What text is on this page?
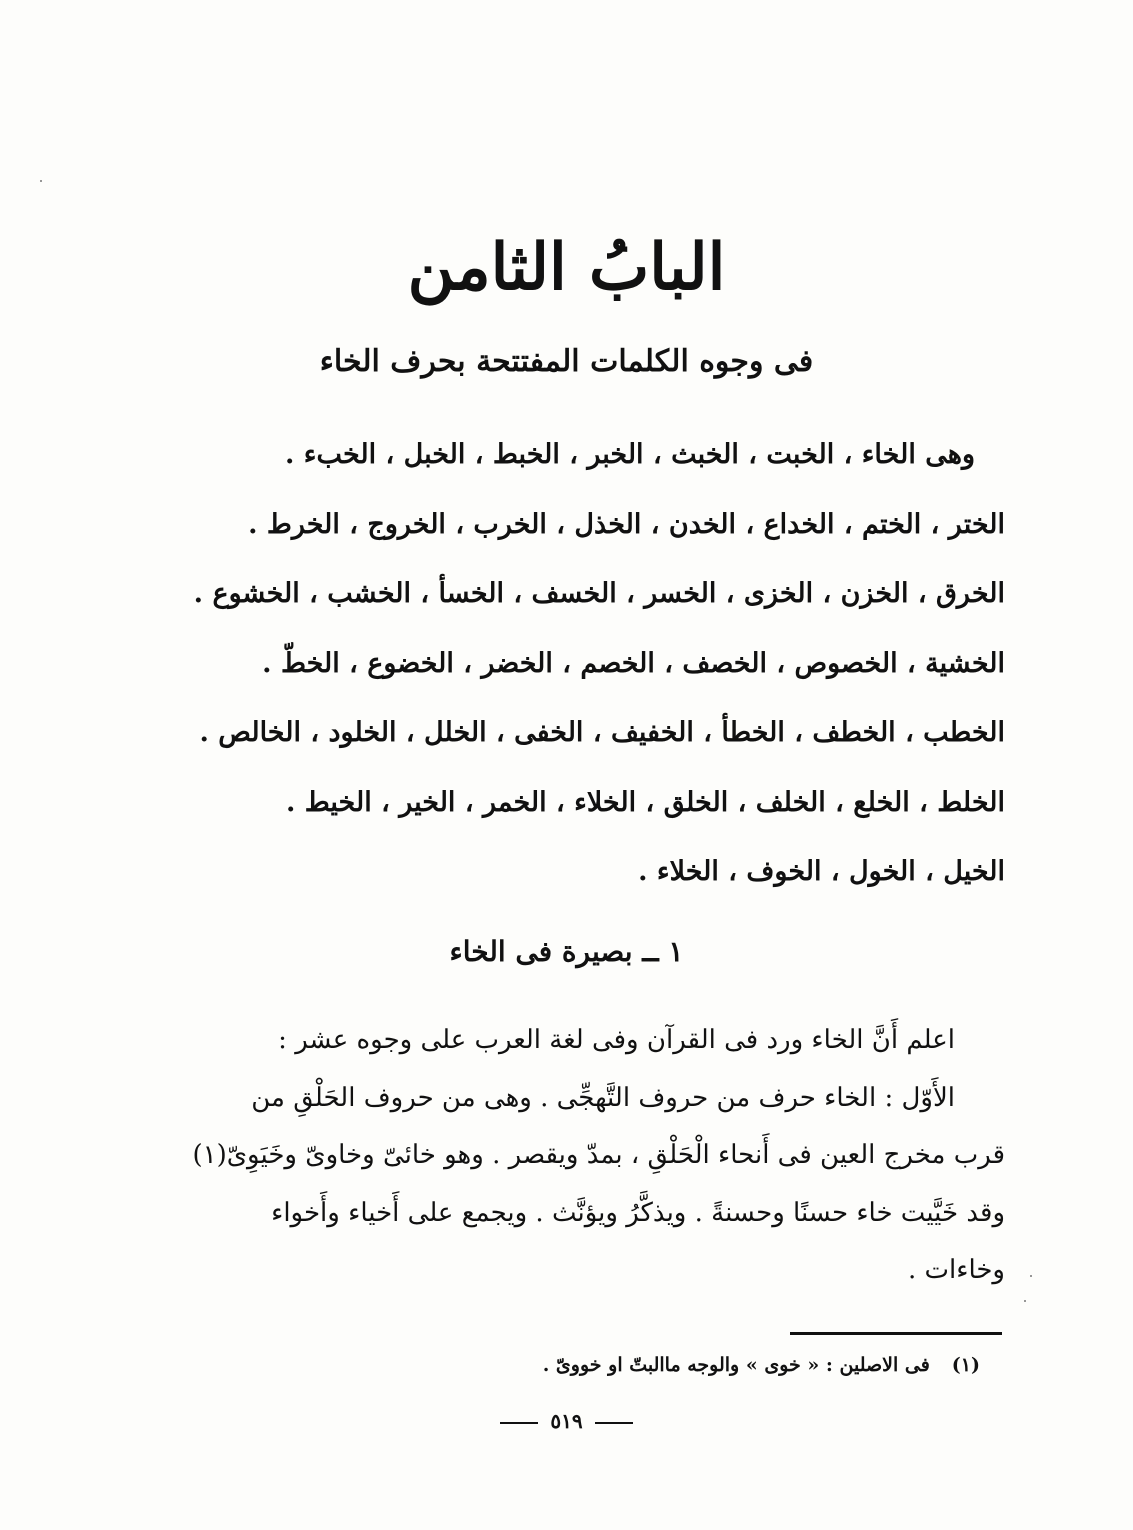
البابُ الثامن
فى وجوه الكلمات المفتتحة بحرف الخاء
وهى الخاء ، الخبت ، الخبث ، الخبر ، الخبط ، الخبل ، الخبء .
الختر ، الختم ، الخداع ، الخدن ، الخذل ، الخرب ، الخروج ، الخرط .
الخرق ، الخزن ، الخزى ، الخسر ، الخسف ، الخسأ ، الخشب ، الخشوع .
الخشية ، الخصوص ، الخصف ، الخصم ، الخضر ، الخضوع ، الخطّ .
الخطب ، الخطف ، الخطأ ، الخفيف ، الخفى ، الخلل ، الخلود ، الخالص .
الخلط ، الخلع ، الخلف ، الخلق ، الخلاء ، الخمر ، الخير ، الخيط .
الخيل ، الخول ، الخوف ، الخلاء .
١ ــ بصيرة فى الخاء
اعلم أَنَّ الخاء ورد فى القرآن وفى لغة العرب على وجوه عشر :
الأَوّل : الخاء حرف من حروف التَّهجِّى . وهى من حروف الحَلْقِ من
قرب مخرج العين فى أَنحاء الْحَلْقِ ، بمدّ ويقصر . وهو خائىّ وخاوىّ وخَيَوِىّ(١)
وقد خَيَّيت خاء حسنًا وحسنةً . ويذكَّرُ ويؤنَّث . ويجمع على أَخياء وأَخواء
وخاءات .
(١)فى الاصلين : « خوى » والوجه ماالبتّ او خووىّ .
٥١٩
